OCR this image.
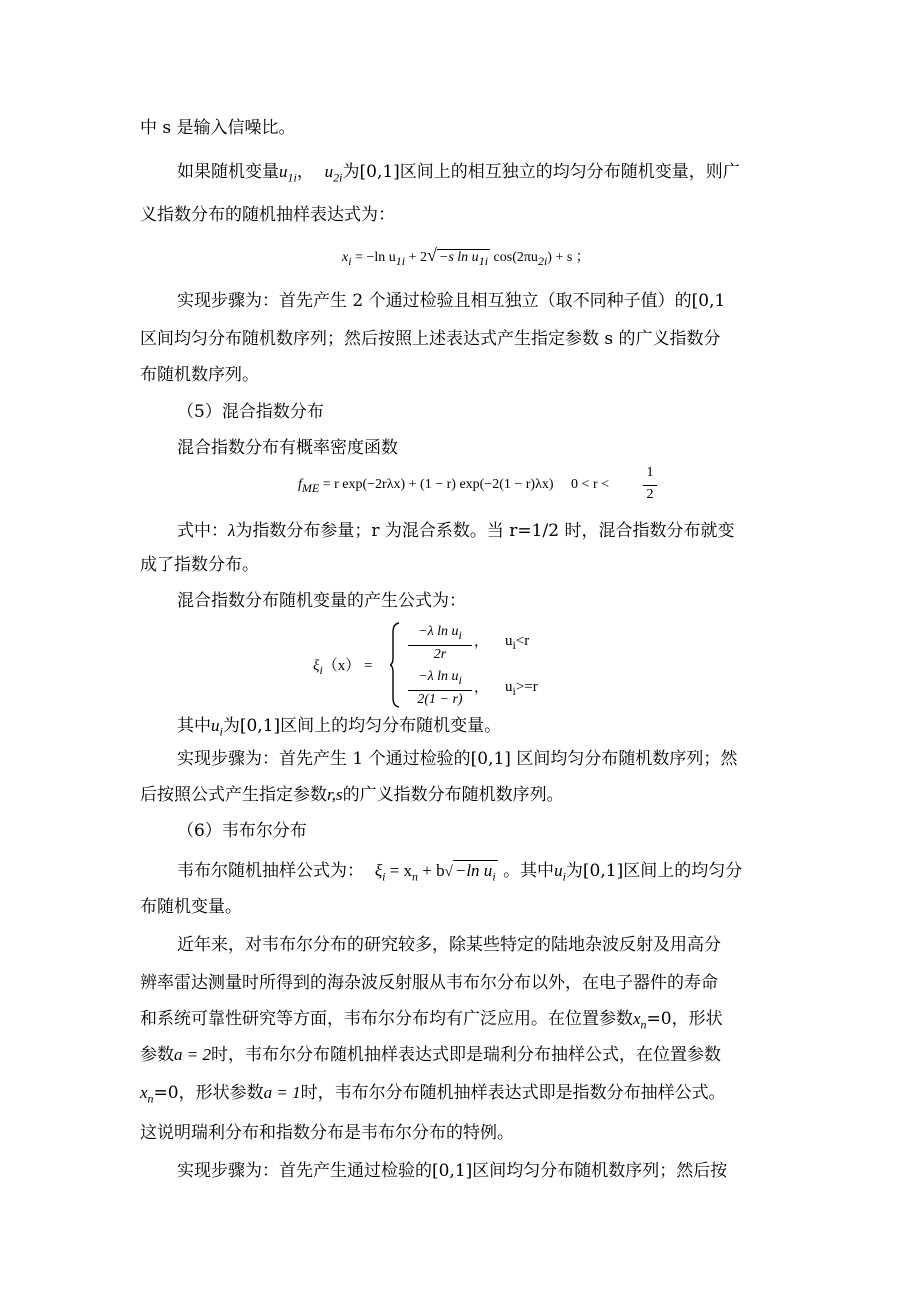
中 s 是输入信噪比。
如果随机变量$u_{1i}$， $u_{2i}$为[0,1]区间上的相互独立的均匀分布随机变量，则广
义指数分布的随机抽样表达式为：
$x_i = -\ln$ $u_{1i} + 2√ -s$ $\ln u_{1i}$ $\cos(2\pi u_{2i}) + s$ ；
实现步骤为：首先产生 2 个通过检验且相互独立（取不同种子值）的[0,1
区间均匀分布随机数序列；然后按照上述表达式产生指定参数 s 的广义指数分
布随机数序列。
（5）混合指数分布
混合指数分布有概率密度函数
$f_{ME} = r$ exp(−2rλx) + (1 − r) exp(−2(1 − r)λx) 0 < r <
1
2
式中：λ为指数分布参量；r 为混合系数。当 r=1/2 时，混合指数分布就变
成了指数分布。
混合指数分布随机变量的产生公式为：
$\xi_i(x)$ =
−λ $\ln u_i$
2r
， $u_i<r$
−λ $\ln u_i$
2(1 − r)
， $u_i>=r$
其中$u_i$为[0,1]区间上的均匀分布随机变量。
实现步骤为：首先产生 1 个通过检验的[0,1] 区间均匀分布随机数序列；然
后按照公式产生指定参数r,s的广义指数分布随机数序列。
（6）韦布尔分布
韦布尔随机抽样公式为： $\xi_i = x_n + b√ -\ln$ $u_i$ 。其中$u_i$为[0,1]区间上的均匀分
布随机变量。
近年来，对韦布尔分布的研究较多，除某些特定的陆地杂波反射及用高分
辨率雷达测量时所得到的海杂波反射服从韦布尔分布以外，在电子器件的寿命
和系统可靠性研究等方面，韦布尔分布均有广泛应用。在位置参数$x_n=0$，形状
参数a = 2时，韦布尔分布随机抽样表达式即是瑞利分布抽样公式，在位置参数
$x_n=0$，形状参数a = 1时，韦布尔分布随机抽样表达式即是指数分布抽样公式。
这说明瑞利分布和指数分布是韦布尔分布的特例。
实现步骤为：首先产生通过检验的[0,1]区间均匀分布随机数序列；然后按
